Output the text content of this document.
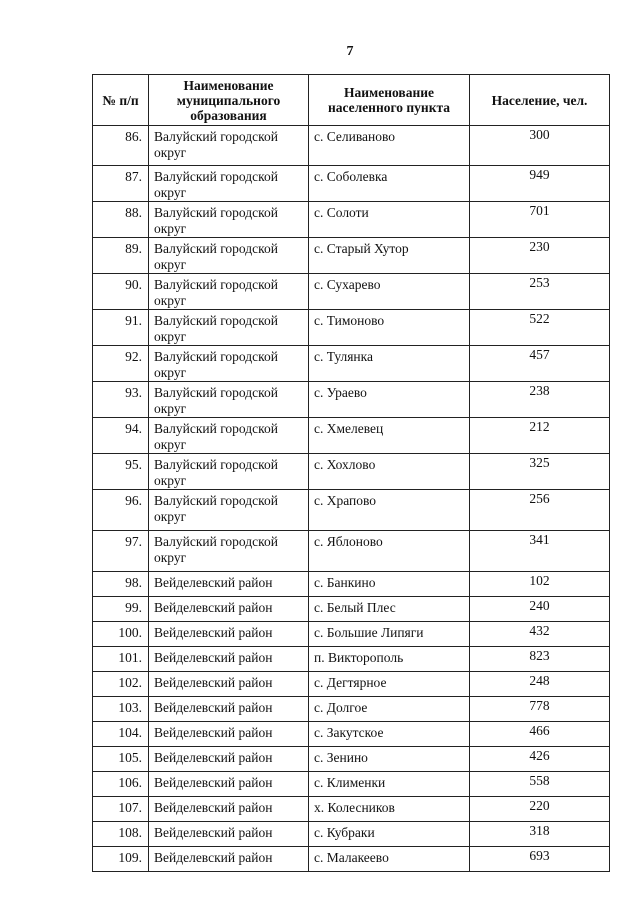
7
№ п/п	Наименование муниципального образования	Наименование населенного пункта	Население, чел.
86.	Валуйский городской округ	с. Селиваново	300
87.	Валуйский городской округ	с. Соболевка	949
88.	Валуйский городской округ	с. Солоти	701
89.	Валуйский городской округ	с. Старый Хутор	230
90.	Валуйский городской округ	с. Сухарево	253
91.	Валуйский городской округ	с. Тимоново	522
92.	Валуйский городской округ	с. Тулянка	457
93.	Валуйский городской округ	с. Ураево	238
94.	Валуйский городской округ	с. Хмелевец	212
95.	Валуйский городской округ	с. Хохлово	325
96.	Валуйский городской округ	с. Храпово	256
97.	Валуйский городской округ	с. Яблоново	341
98.	Вейделевский район	с. Банкино	102
99.	Вейделевский район	с. Белый Плес	240
100.	Вейделевский район	с. Большие Липяги	432
101.	Вейделевский район	п. Викторополь	823
102.	Вейделевский район	с. Дегтярное	248
103.	Вейделевский район	с. Долгое	778
104.	Вейделевский район	с. Закутское	466
105.	Вейделевский район	с. Зенино	426
106.	Вейделевский район	с. Клименки	558
107.	Вейделевский район	х. Колесников	220
108.	Вейделевский район	с. Кубраки	318
109.	Вейделевский район	с. Малакеево	693
